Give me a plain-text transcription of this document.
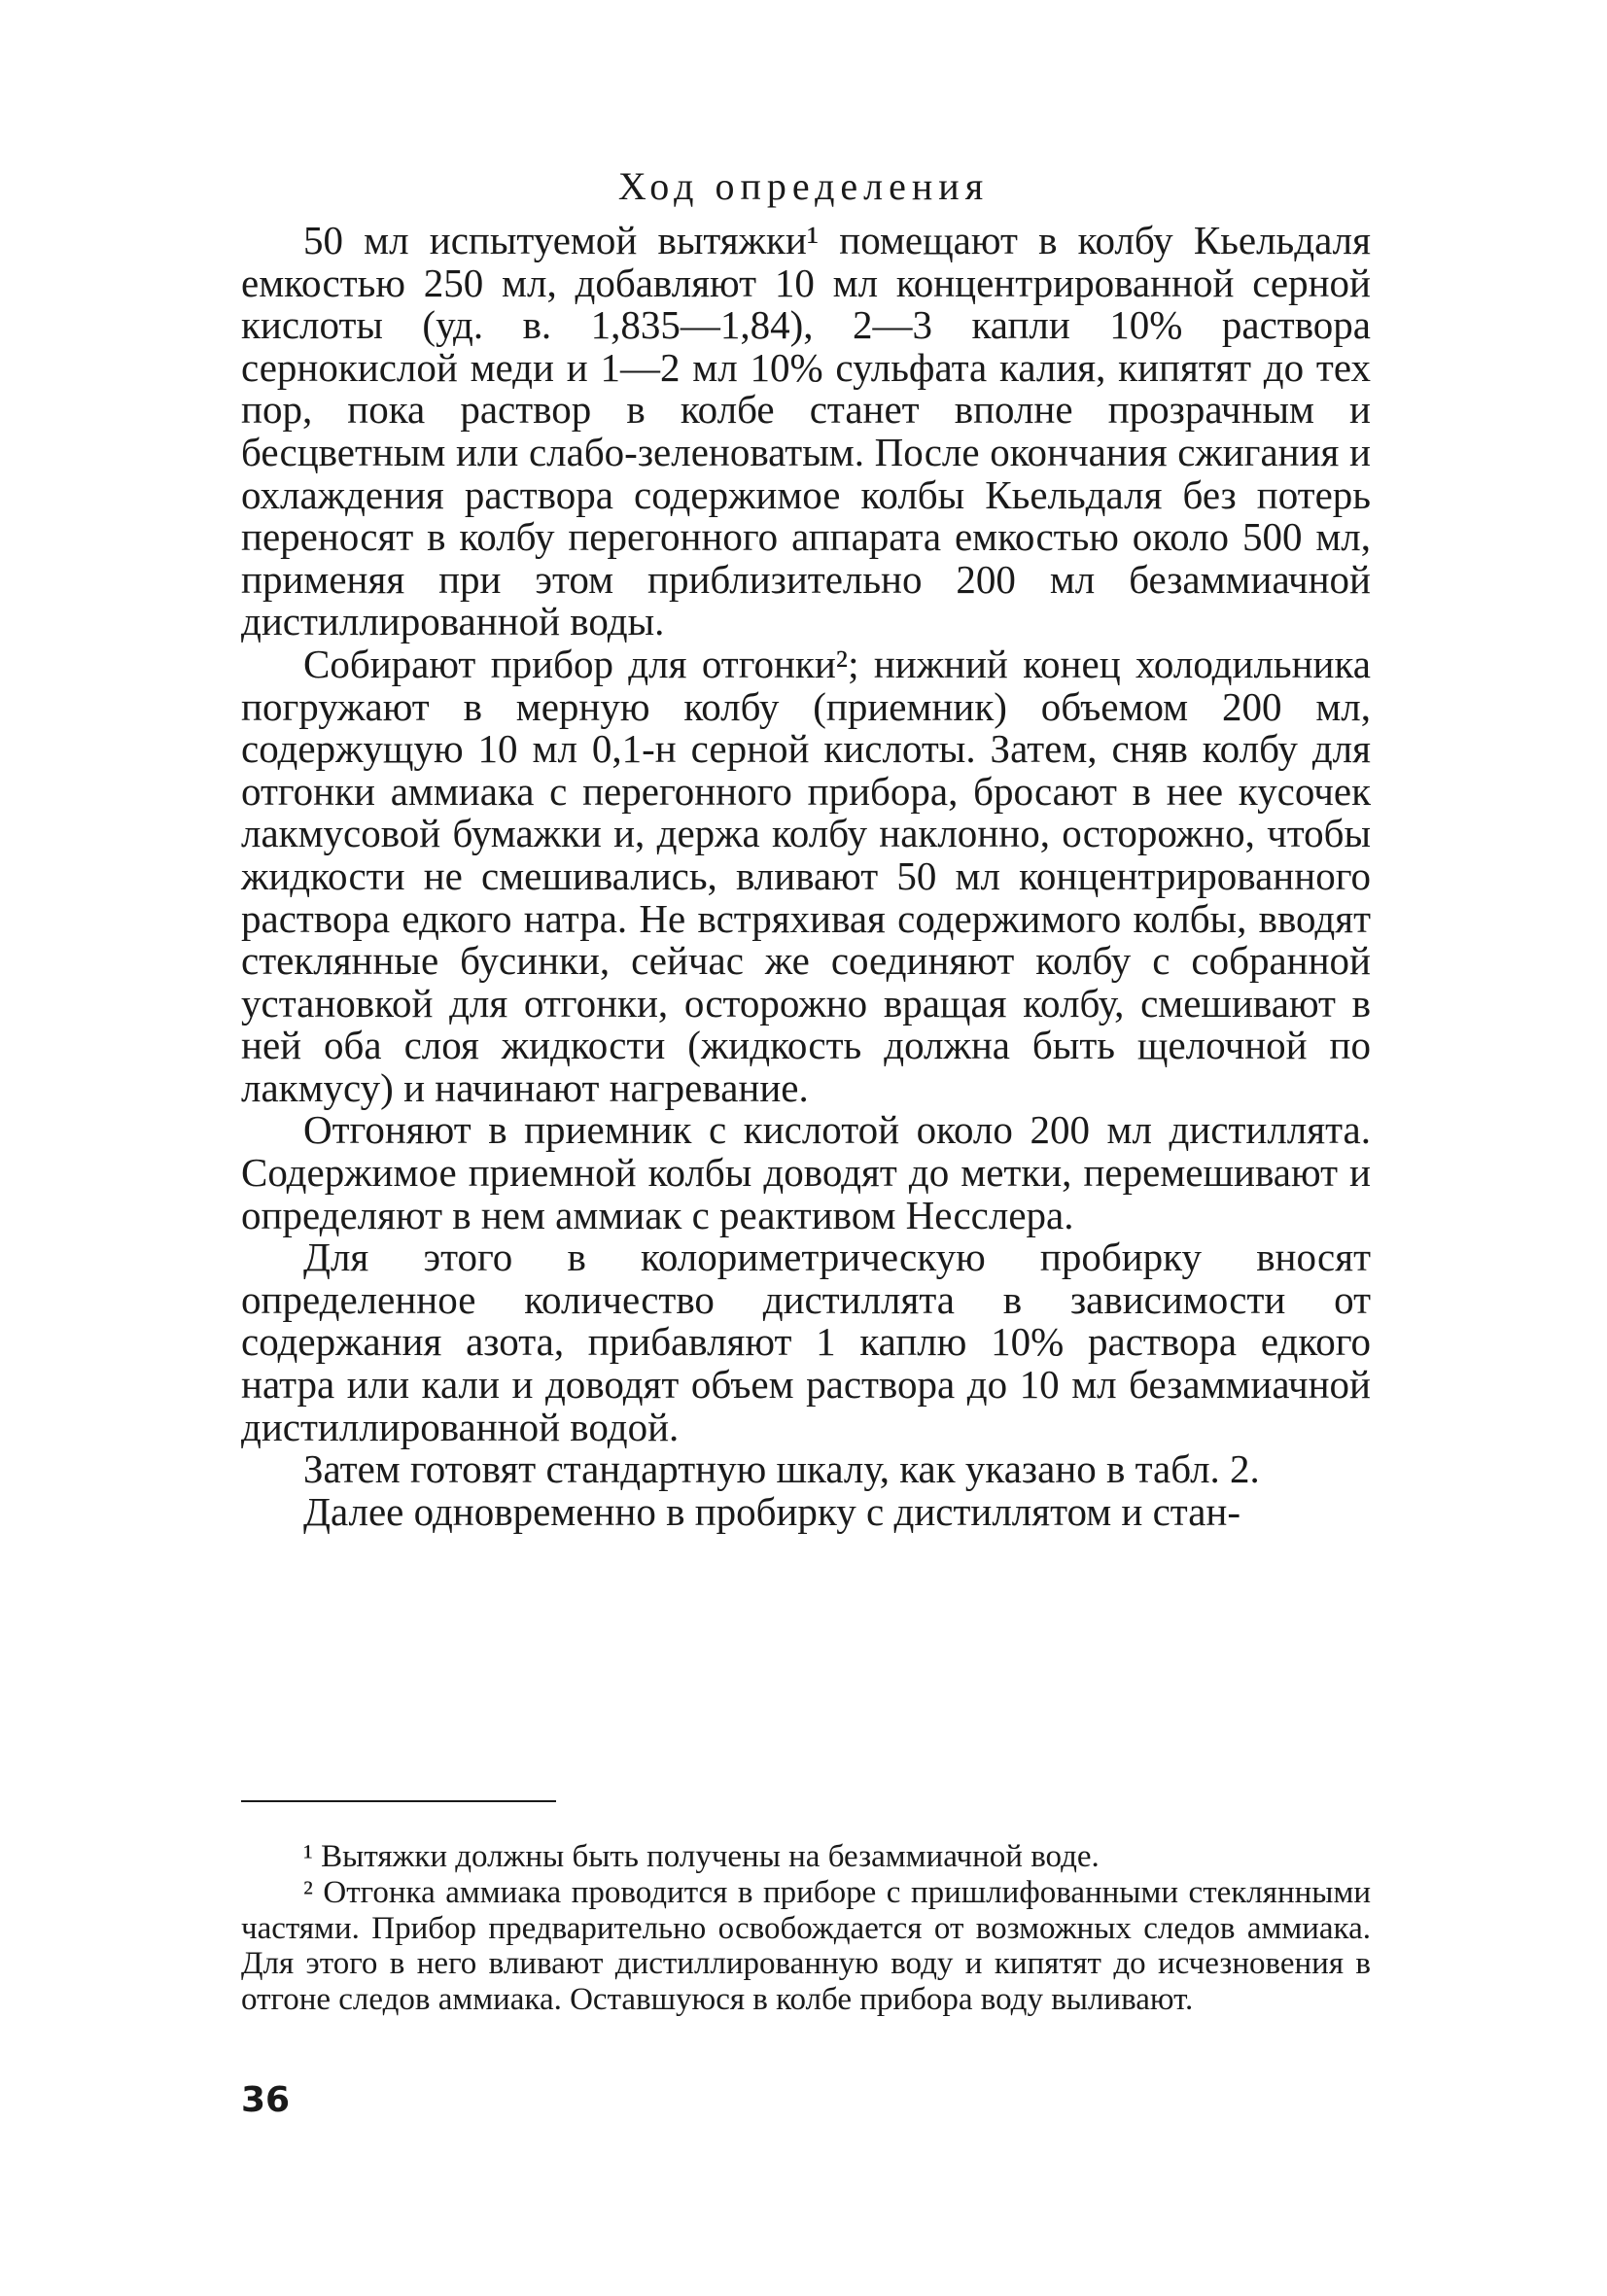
Ход определения

50 мл испытуемой вытяжки¹ помещают в колбу Кьельдаля емкостью 250 мл, добавляют 10 мл концентрированной серной кислоты (уд. в. 1,835—1,84), 2—3 капли 10% раствора сернокислой меди и 1—2 мл 10% сульфата калия, кипятят до тех пор, пока раствор в колбе станет вполне прозрачным и бесцветным или слабо-зеленоватым. После окончания сжигания и охлаждения раствора содержимое колбы Кьельдаля без потерь переносят в колбу перегонного аппарата емкостью около 500 мл, применяя при этом приблизительно 200 мл безаммиачной дистиллированной воды.

Собирают прибор для отгонки²; нижний конец холодильника погружают в мерную колбу (приемник) объемом 200 мл, содержущую 10 мл 0,1-н серной кислоты. Затем, сняв колбу для отгонки аммиака с перегонного прибора, бросают в нее кусочек лакмусовой бумажки и, держа колбу наклонно, осторожно, чтобы жидкости не смешивались, вливают 50 мл концентрированного раствора едкого натра. Не встряхивая содержимого колбы, вводят стеклянные бусинки, сейчас же соединяют колбу с собранной установкой для отгонки, осторожно вращая колбу, смешивают в ней оба слоя жидкости (жидкость должна быть щелочной по лакмусу) и начинают нагревание.

Отгоняют в приемник с кислотой около 200 мл дистиллята. Содержимое приемной колбы доводят до метки, перемешивают и определяют в нем аммиак с реактивом Несслера.

Для этого в колориметрическую пробирку вносят определенное количество дистиллята в зависимости от содержания азота, прибавляют 1 каплю 10% раствора едкого натра или кали и доводят объем раствора до 10 мл безаммиачной дистиллированной водой.

Затем готовят стандартную шкалу, как указано в табл. 2.

Далее одновременно в пробирку с дистиллятом и стан-

¹ Вытяжки должны быть получены на безаммиачной воде.

² Отгонка аммиака проводится в приборе с пришлифованными стеклянными частями. Прибор предварительно освобождается от возможных следов аммиака. Для этого в него вливают дистиллированную воду и кипятят до исчезновения в отгоне следов аммиака. Оставшуюся в колбе прибора воду выливают.

36
